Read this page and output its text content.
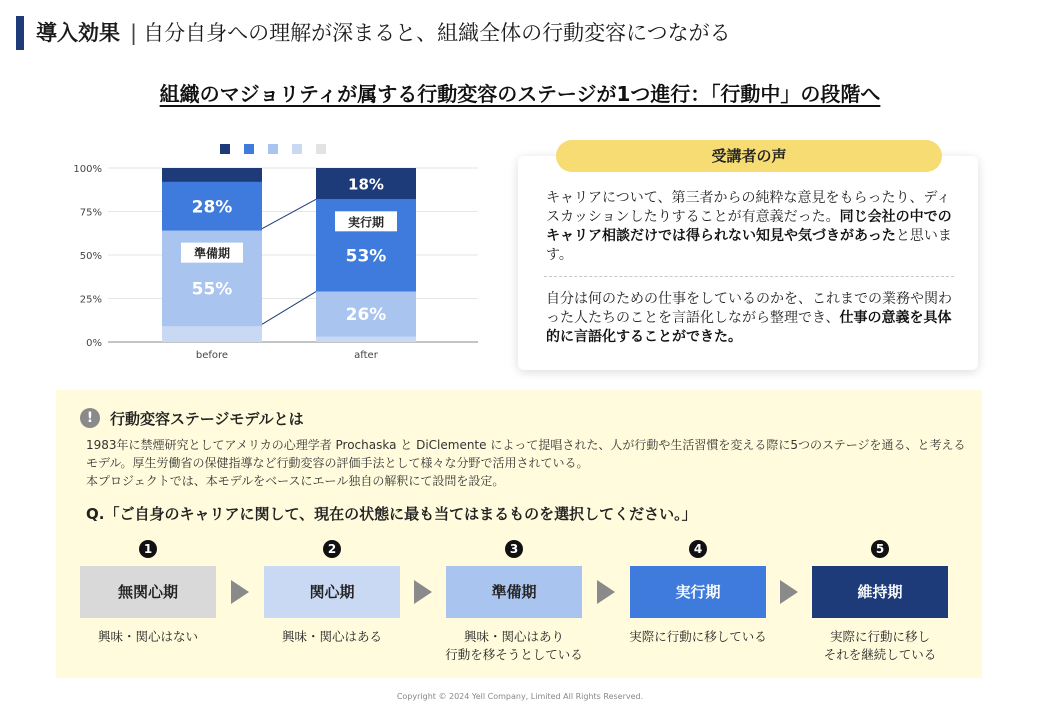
導入効果 | 自分自身への理解が深まると、組織全体の行動変容につながる
組織のマジョリティが属する行動変容のステージが1つ進行：「行動中」の段階へ
0%
25%
50%
75%
100%
before	after
準備期
実行期
28%
55%
18%
53%
26%
受講者の声

キャリアについて、第三者からの純粋な意見をもらったり、ディスカッションしたりすることが有意義だった。同じ会社の中でのキャリア相談だけでは得られない知見や気づきがあったと思います。

自分は何のための仕事をしているのかを、これまでの業務や関わった人たちのことを言語化しながら整理でき、仕事の意義を具体的に言語化することができた。

!	行動変容ステージモデルとは

1983年に禁煙研究としてアメリカの心理学者 Prochaska と DiClemente によって提唱された、人が行動や生活習慣を変える際に5つのステージを通る、と考えるモデル。厚生労働省の保健指導など行動変容の評価手法として様々な分野で活用されている。
本プロジェクトでは、本モデルをベースにエール独自の解釈にて設問を設定。

Q.「ご自身のキャリアに関して、現在の状態に最も当てはまるものを選択してください。」
1
無関心期
興味・関心はない

2
関心期
興味・関心はある

3
準備期
興味・関心はあり
行動を移そうとしている
4
実行期
実際に行動に移している

5
維持期
実際に行動に移し
それを継続している
Copyright © 2024 Yell Company, Limited All Rights Reserved.
